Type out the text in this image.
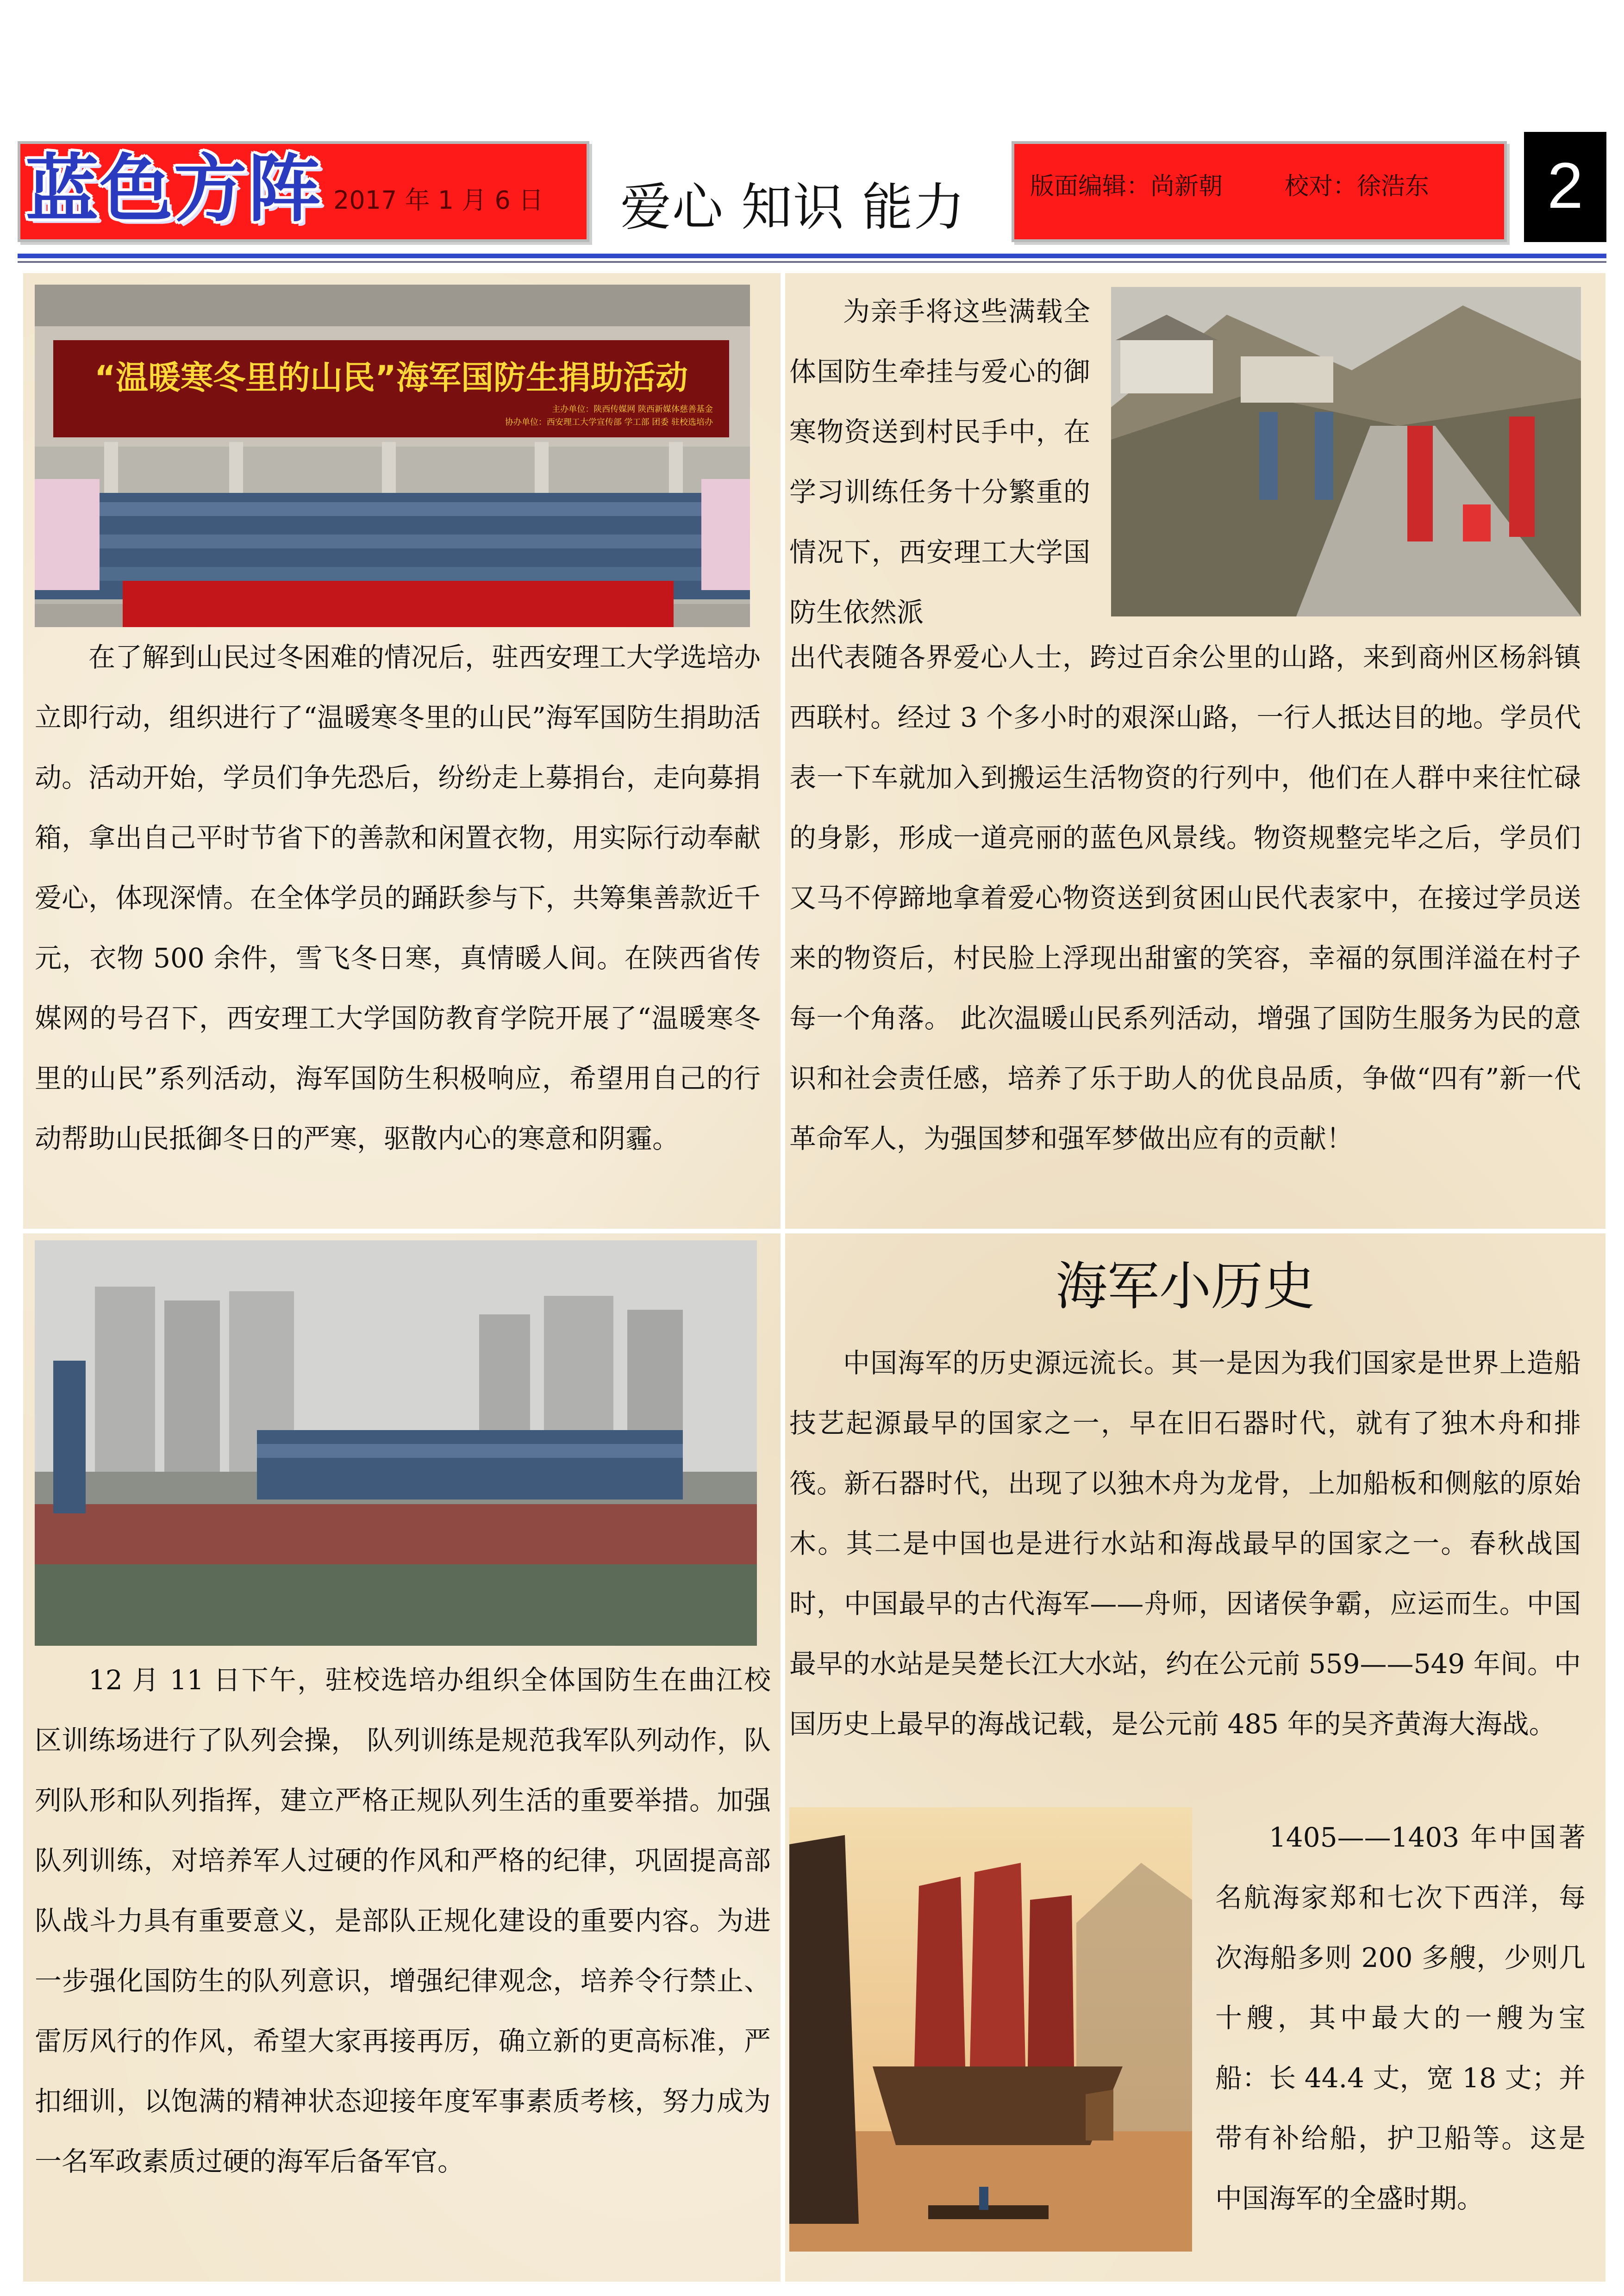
蓝色方阵 2017 年 1 月 6 日	爱心 知识 能力	版面编辑：尚新朝	校对：徐浩东	2
“温暖寒冬里的山民”海军国防生捐助活动
主办单位：陕西传媒网 陕西新媒体慈善基金
协办单位：西安理工大学宣传部 学工部 团委 驻校选培办
为亲手将这些满载全体国防生牵挂与爱心的御寒物资送到村民手中，在学习训练任务十分繁重的情况下，西安理工大学国防生依然派
在了解到山民过冬困难的情况后，驻西安理工大学选培办立即行动，组织进行了“温暖寒冬里的山民”海军国防生捐助活动。活动开始，学员们争先恐后，纷纷走上募捐台，走向募捐箱，拿出自己平时节省下的善款和闲置衣物，用实际行动奉献爱心，体现深情。在全体学员的踊跃参与下，共筹集善款近千元，衣物 500 余件，雪飞冬日寒，真情暖人间。在陕西省传媒网的号召下，西安理工大学国防教育学院开展了“温暖寒冬里的山民”系列活动，海军国防生积极响应，希望用自己的行动帮助山民抵御冬日的严寒，驱散内心的寒意和阴霾。
出代表随各界爱心人士，跨过百余公里的山路，来到商州区杨斜镇西联村。经过 3 个多小时的艰深山路，一行人抵达目的地。学员代表一下车就加入到搬运生活物资的行列中，他们在人群中来往忙碌的身影，形成一道亮丽的蓝色风景线。物资规整完毕之后，学员们又马不停蹄地拿着爱心物资送到贫困山民代表家中，在接过学员送来的物资后，村民脸上浮现出甜蜜的笑容，幸福的氛围洋溢在村子每一个角落。 此次温暖山民系列活动，增强了国防生服务为民的意识和社会责任感，培养了乐于助人的优良品质，争做“四有”新一代革命军人，为强国梦和强军梦做出应有的贡献！
12 月 11 日下午，驻校选培办组织全体国防生在曲江校区训练场进行了队列会操， 队列训练是规范我军队列动作，队列队形和队列指挥，建立严格正规队列生活的重要举措。加强队列训练，对培养军人过硬的作风和严格的纪律，巩固提高部队战斗力具有重要意义，是部队正规化建设的重要内容。为进一步强化国防生的队列意识，增强纪律观念，培养令行禁止、雷厉风行的作风，希望大家再接再厉，确立新的更高标准，严扣细训，以饱满的精神状态迎接年度军事素质考核，努力成为一名军政素质过硬的海军后备军官。
海军小历史
中国海军的历史源远流长。其一是因为我们国家是世界上造船技艺起源最早的国家之一，早在旧石器时代，就有了独木舟和排筏。新石器时代，出现了以独木舟为龙骨，上加船板和侧舷的原始木。其二是中国也是进行水站和海战最早的国家之一。春秋战国时，中国最早的古代海军——舟师，因诸侯争霸，应运而生。中国最早的水站是吴楚长江大水站，约在公元前 559——549 年间。中国历史上最早的海战记载，是公元前 485 年的吴齐黄海大海战。
1405——1403 年中国著名航海家郑和七次下西洋，每次海船多则 200 多艘，少则几十艘，其中最大的一艘为宝船：长 44.4 丈，宽 18 丈；并带有补给船，护卫船等。这是中国海军的全盛时期。
